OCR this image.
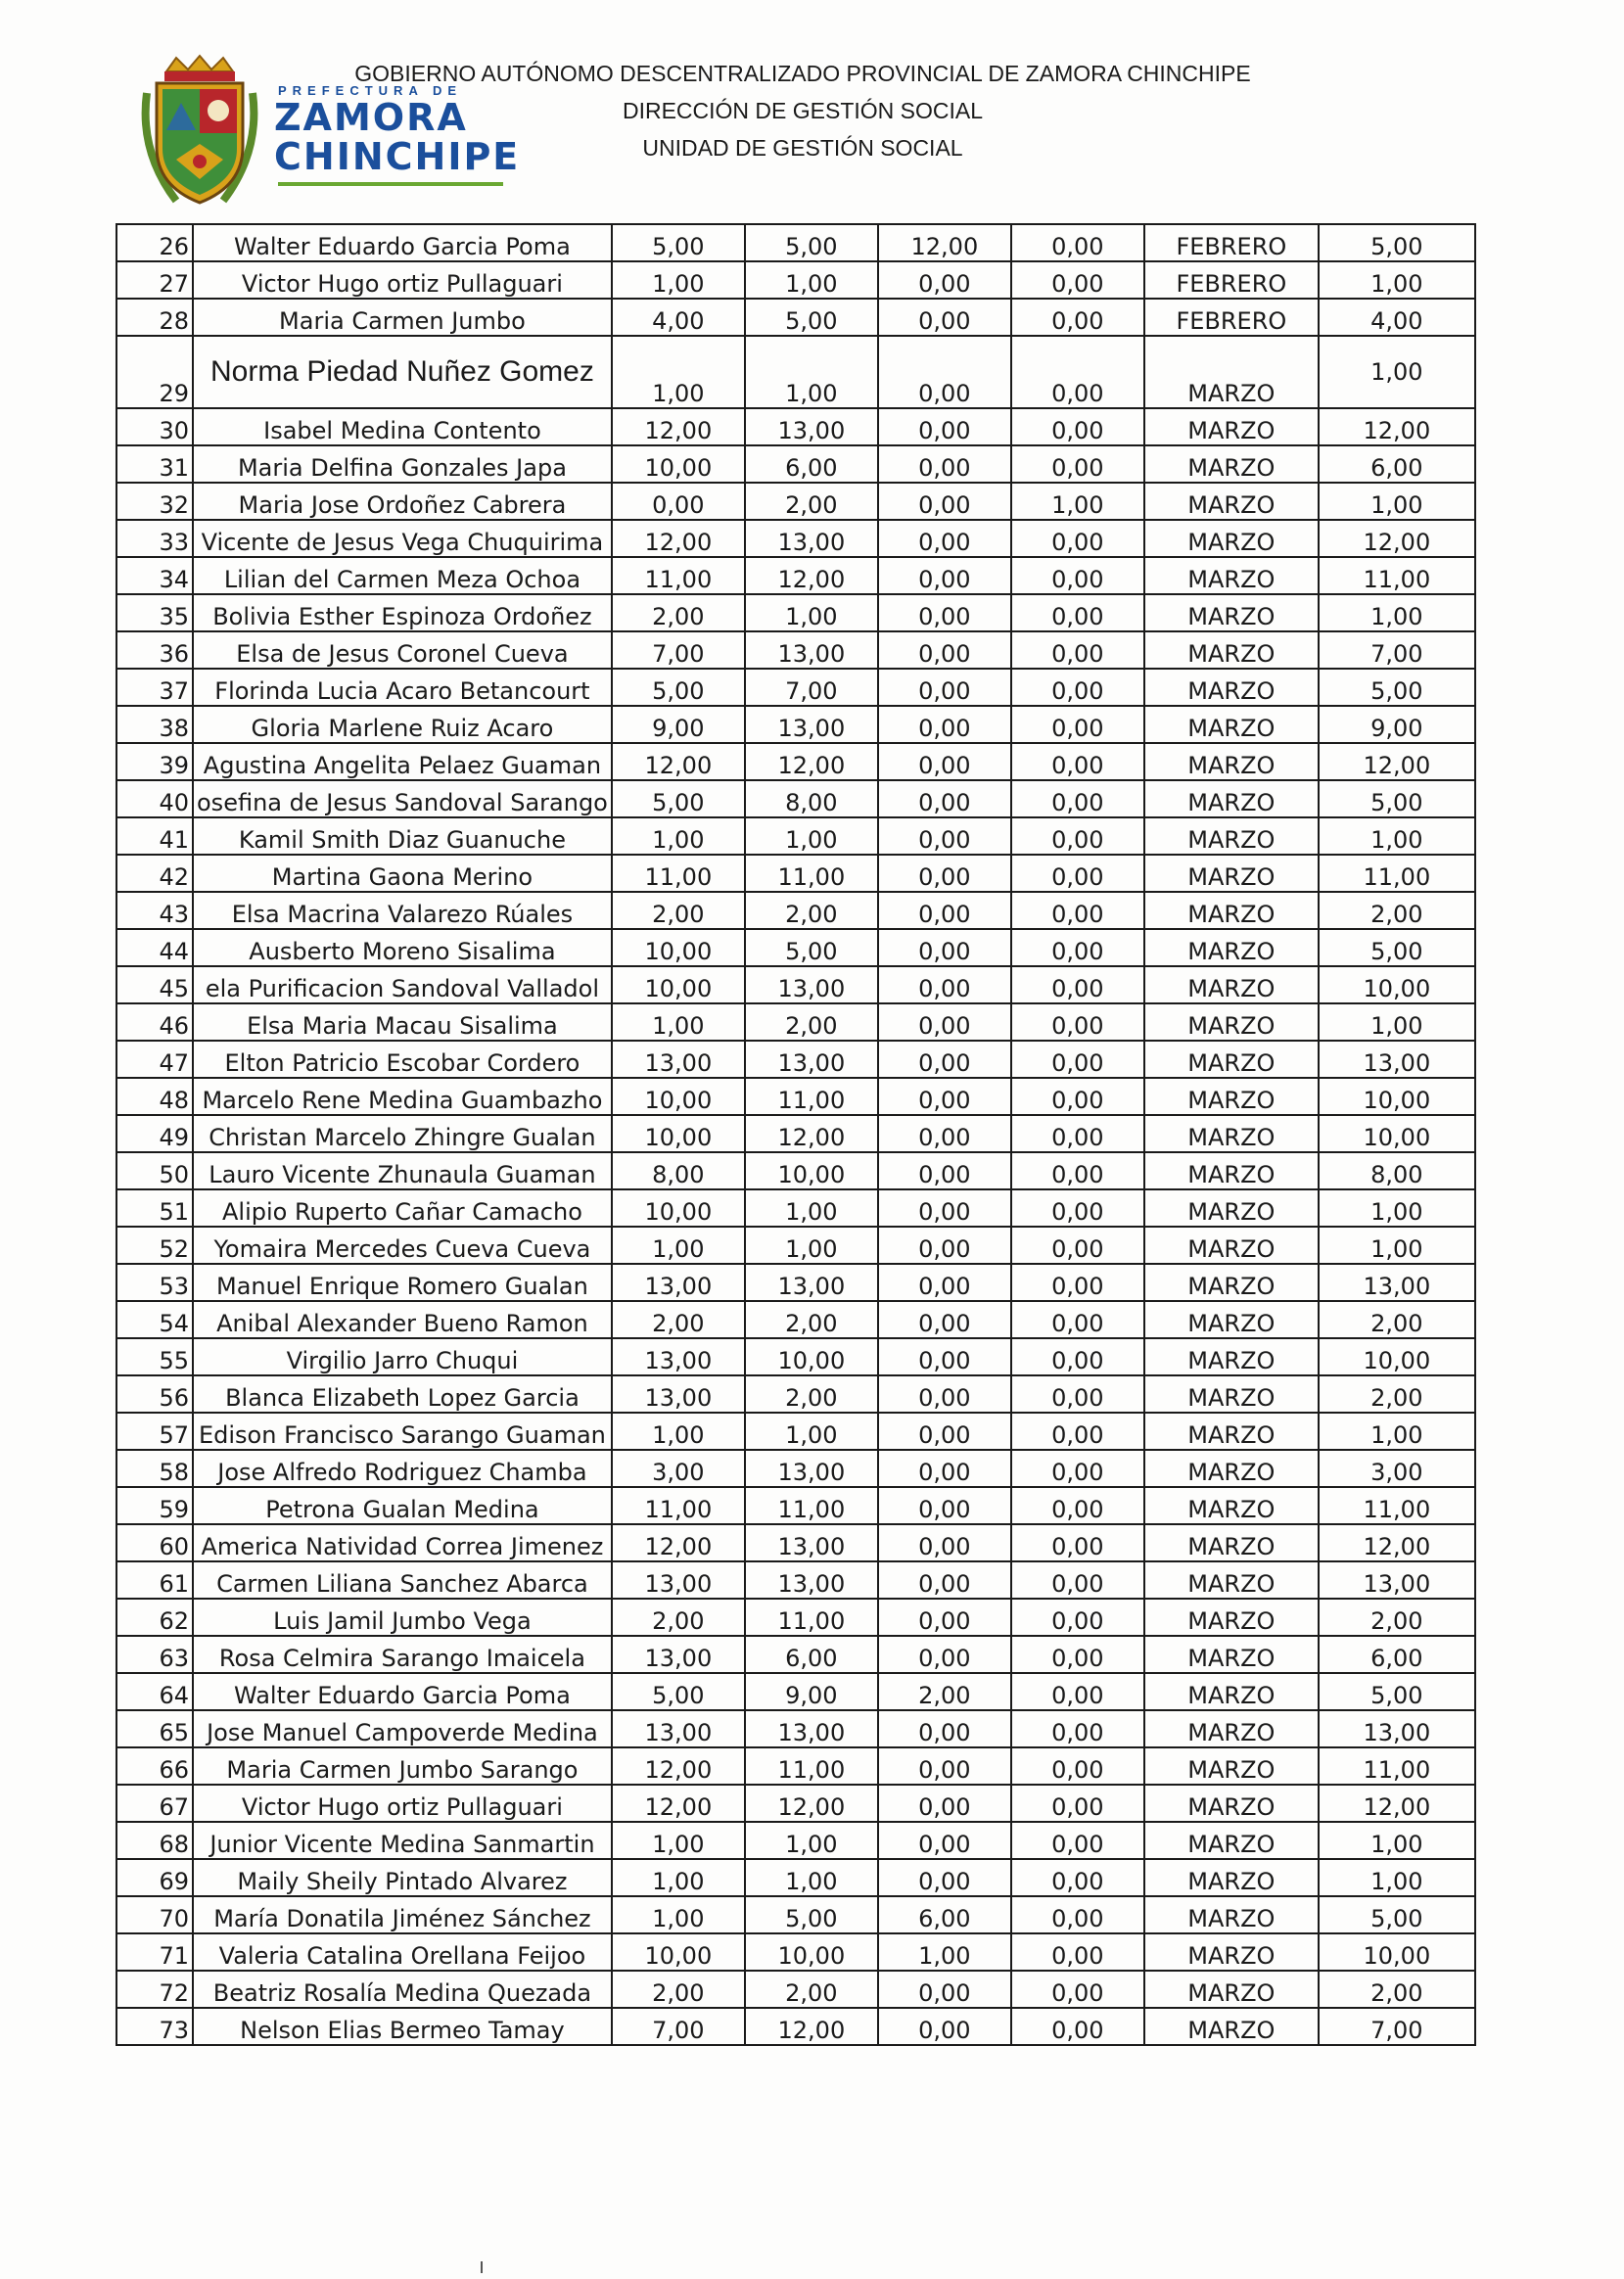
PREFECTURA DE
ZAMORA
CHINCHIPE
GOBIERNO AUTÓNOMO DESCENTRALIZADO PROVINCIAL DE ZAMORA CHINCHIPE
DIRECCIÓN DE GESTIÓN SOCIAL
UNIDAD DE GESTIÓN SOCIAL
26	Walter Eduardo Garcia Poma	5,00	5,00	12,00	0,00	FEBRERO	5,00
27	Victor Hugo ortiz Pullaguari	1,00	1,00	0,00	0,00	FEBRERO	1,00
28	Maria Carmen Jumbo	4,00	5,00	0,00	0,00	FEBRERO	4,00
29	Norma Piedad Nuñez Gomez	1,00	1,00	0,00	0,00	MARZO	1,00
30	Isabel Medina Contento	12,00	13,00	0,00	0,00	MARZO	12,00
31	Maria Delfina Gonzales Japa	10,00	6,00	0,00	0,00	MARZO	6,00
32	Maria Jose Ordoñez Cabrera	0,00	2,00	0,00	1,00	MARZO	1,00
33	Vicente de Jesus Vega Chuquirima	12,00	13,00	0,00	0,00	MARZO	12,00
34	Lilian del Carmen Meza Ochoa	11,00	12,00	0,00	0,00	MARZO	11,00
35	Bolivia Esther Espinoza Ordoñez	2,00	1,00	0,00	0,00	MARZO	1,00
36	Elsa de Jesus Coronel Cueva	7,00	13,00	0,00	0,00	MARZO	7,00
37	Florinda Lucia Acaro Betancourt	5,00	7,00	0,00	0,00	MARZO	5,00
38	Gloria Marlene Ruiz Acaro	9,00	13,00	0,00	0,00	MARZO	9,00
39	Agustina Angelita Pelaez Guaman	12,00	12,00	0,00	0,00	MARZO	12,00
40	osefina de Jesus Sandoval Sarango	5,00	8,00	0,00	0,00	MARZO	5,00
41	Kamil Smith Diaz Guanuche	1,00	1,00	0,00	0,00	MARZO	1,00
42	Martina Gaona Merino	11,00	11,00	0,00	0,00	MARZO	11,00
43	Elsa Macrina Valarezo Rúales	2,00	2,00	0,00	0,00	MARZO	2,00
44	Ausberto Moreno Sisalima	10,00	5,00	0,00	0,00	MARZO	5,00
45	ela Purificacion Sandoval Valladol	10,00	13,00	0,00	0,00	MARZO	10,00
46	Elsa Maria Macau Sisalima	1,00	2,00	0,00	0,00	MARZO	1,00
47	Elton Patricio Escobar Cordero	13,00	13,00	0,00	0,00	MARZO	13,00
48	Marcelo Rene Medina Guambazho	10,00	11,00	0,00	0,00	MARZO	10,00
49	Christan Marcelo Zhingre Gualan	10,00	12,00	0,00	0,00	MARZO	10,00
50	Lauro Vicente Zhunaula Guaman	8,00	10,00	0,00	0,00	MARZO	8,00
51	Alipio Ruperto Cañar Camacho	10,00	1,00	0,00	0,00	MARZO	1,00
52	Yomaira Mercedes Cueva Cueva	1,00	1,00	0,00	0,00	MARZO	1,00
53	Manuel Enrique Romero Gualan	13,00	13,00	0,00	0,00	MARZO	13,00
54	Anibal Alexander Bueno Ramon	2,00	2,00	0,00	0,00	MARZO	2,00
55	Virgilio Jarro Chuqui	13,00	10,00	0,00	0,00	MARZO	10,00
56	Blanca Elizabeth Lopez Garcia	13,00	2,00	0,00	0,00	MARZO	2,00
57	Edison Francisco Sarango Guaman	1,00	1,00	0,00	0,00	MARZO	1,00
58	Jose Alfredo Rodriguez Chamba	3,00	13,00	0,00	0,00	MARZO	3,00
59	Petrona Gualan Medina	11,00	11,00	0,00	0,00	MARZO	11,00
60	America Natividad Correa Jimenez	12,00	13,00	0,00	0,00	MARZO	12,00
61	Carmen Liliana Sanchez Abarca	13,00	13,00	0,00	0,00	MARZO	13,00
62	Luis Jamil Jumbo Vega	2,00	11,00	0,00	0,00	MARZO	2,00
63	Rosa Celmira Sarango Imaicela	13,00	6,00	0,00	0,00	MARZO	6,00
64	Walter Eduardo Garcia Poma	5,00	9,00	2,00	0,00	MARZO	5,00
65	Jose Manuel Campoverde Medina	13,00	13,00	0,00	0,00	MARZO	13,00
66	Maria Carmen Jumbo Sarango	12,00	11,00	0,00	0,00	MARZO	11,00
67	Victor Hugo ortiz Pullaguari	12,00	12,00	0,00	0,00	MARZO	12,00
68	Junior Vicente Medina Sanmartin	1,00	1,00	0,00	0,00	MARZO	1,00
69	Maily Sheily Pintado Alvarez	1,00	1,00	0,00	0,00	MARZO	1,00
70	María Donatila Jiménez Sánchez	1,00	5,00	6,00	0,00	MARZO	5,00
71	Valeria Catalina Orellana Feijoo	10,00	10,00	1,00	0,00	MARZO	10,00
72	Beatriz Rosalía Medina Quezada	2,00	2,00	0,00	0,00	MARZO	2,00
73	Nelson Elias Bermeo Tamay	7,00	12,00	0,00	0,00	MARZO	7,00
